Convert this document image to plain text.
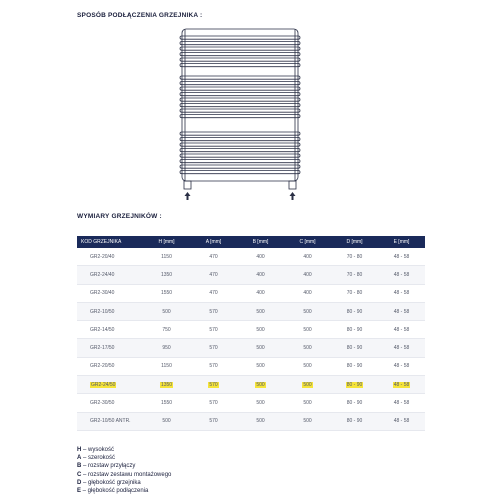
SPOSÓB PODŁĄCZENIA GRZEJNIKA :
WYMIARY GRZEJNIKÓW :
KOD GRZEJNIKA	H [mm]	A [mm]	B [mm]	C [mm]	D [mm]	E [mm]
GR2-20/40	1150	470	400	400	70 - 80	48 - 58
GR2-24/40	1350	470	400	400	70 - 80	48 - 58
GR2-30/40	1550	470	400	400	70 - 80	48 - 58
GR2-10/50	500	570	500	500	80 - 90	48 - 58
GR2-14/50	750	570	500	500	80 - 90	48 - 58
GR2-17/50	950	570	500	500	80 - 90	48 - 58
GR2-20/50	1150	570	500	500	80 - 90	48 - 58
GR2-24/50	1350	570	500	500	80 - 90	48 - 58
GR2-30/50	1550	570	500	500	80 - 90	48 - 58
GR2-10/50 ANTR.	500	570	500	500	80 - 90	48 - 58
H – wysokość
A – szerokość
B – rozstaw przyłączy
C – rozstaw zestawu montażowego
D – głębokość grzejnika
E – głębokość podłączenia
